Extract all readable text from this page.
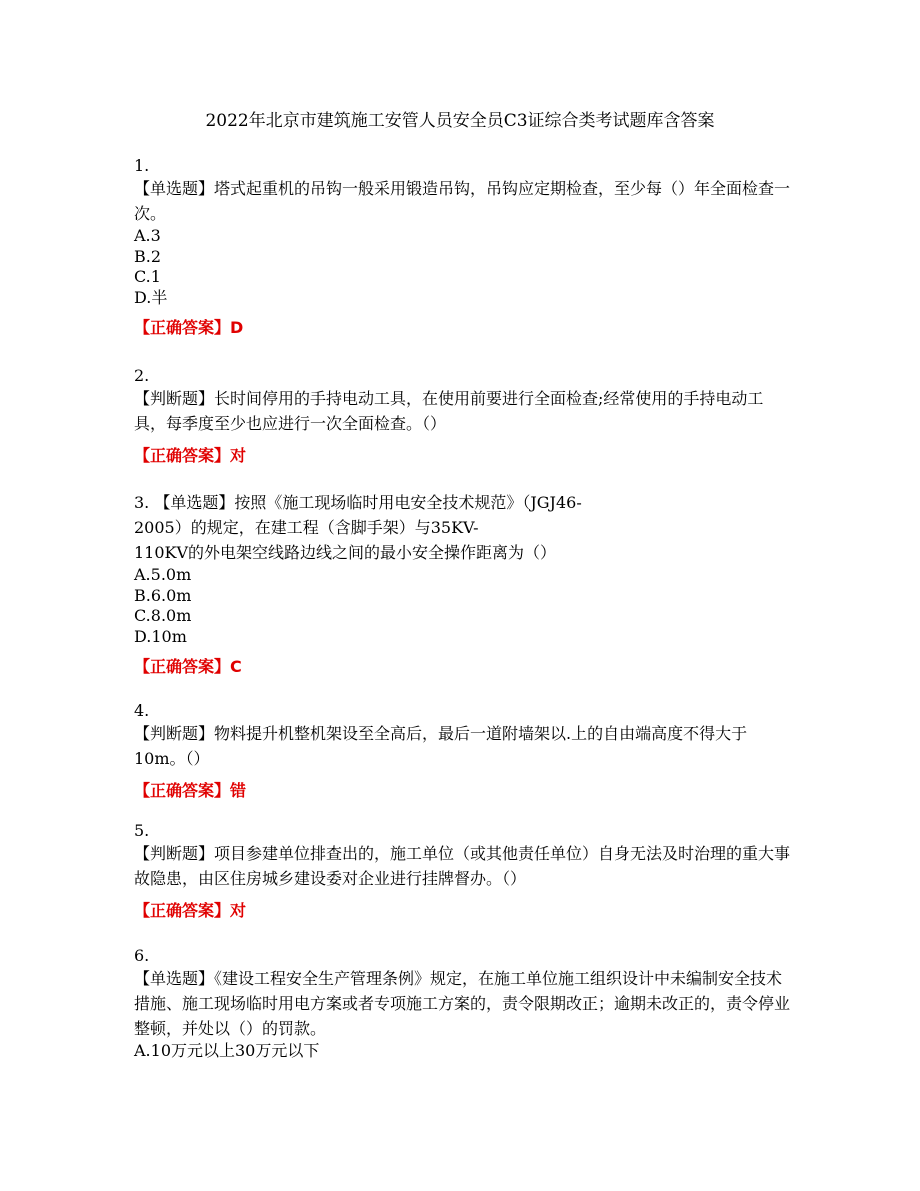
2022年北京市建筑施工安管人员安全员C3证综合类考试题库含答案
1.
【单选题】塔式起重机的吊钩一般采用锻造吊钩，吊钩应定期检查，至少每（）年全面检查一次。
A.3
B.2
C.1
D.半
【正确答案】D
2.
【判断题】长时间停用的手持电动工具，在使用前要进行全面检查;经常使用的手持电动工具，每季度至少也应进行一次全面检查。（）
【正确答案】对
3. 【单选题】按照《施工现场临时用电安全技术规范》（JGJ46-
2005）的规定，在建工程（含脚手架）与35KV-
110KV的外电架空线路边线之间的最小安全操作距离为（）
A.5.0m
B.6.0m
C.8.0m
D.10m
【正确答案】C
4.
【判断题】物料提升机整机架设至全高后，最后一道附墙架以.上的自由端高度不得大于10m。（）
【正确答案】错
5.
【判断题】项目参建单位排查出的，施工单位（或其他责任单位）自身无法及时治理的重大事故隐患，由区住房城乡建设委对企业进行挂牌督办。（）
【正确答案】对
6.
【单选题】《建设工程安全生产管理条例》规定，在施工单位施工组织设计中未编制安全技术措施、施工现场临时用电方案或者专项施工方案的，责令限期改正；逾期未改正的，责令停业整顿，并处以（）的罚款。
A.10万元以上30万元以下
